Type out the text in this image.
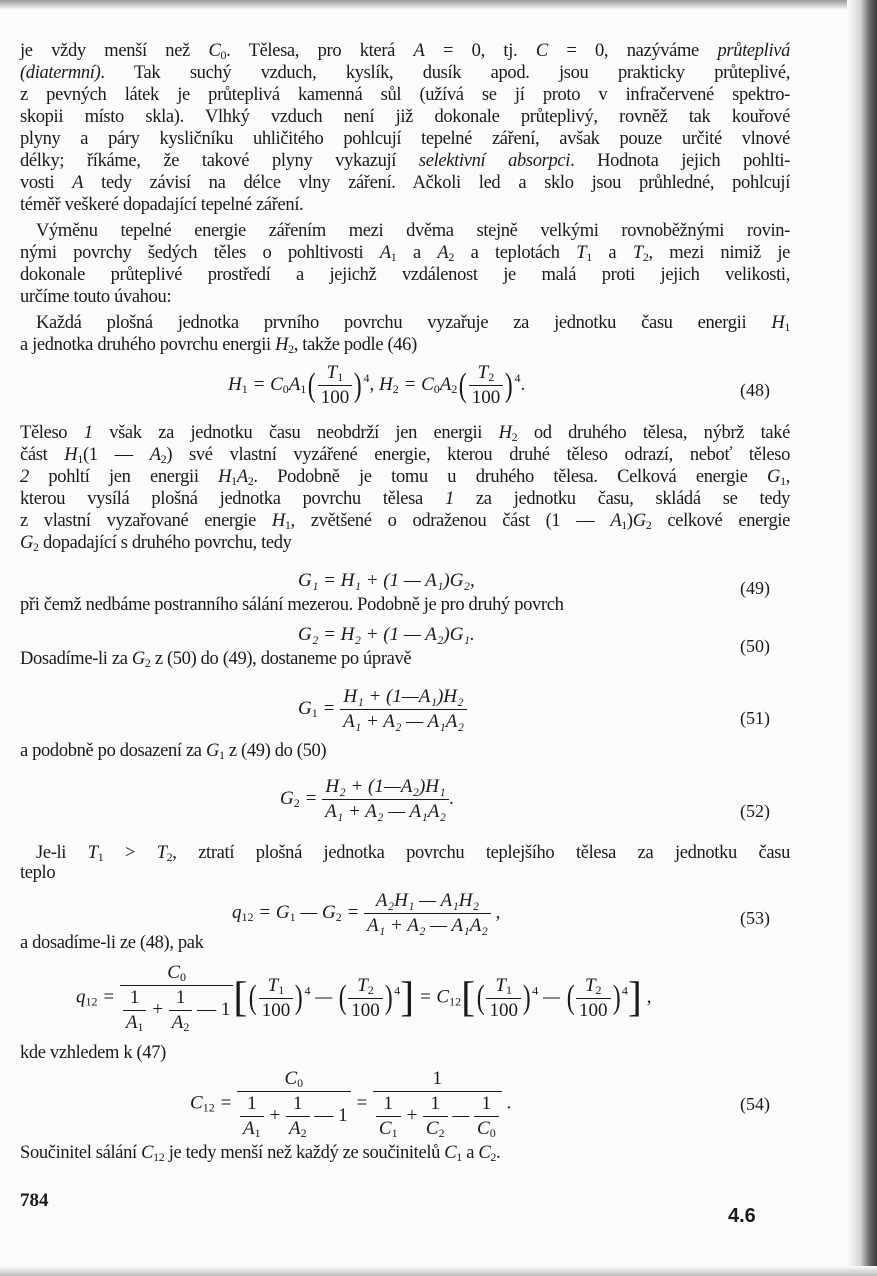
je vždy menší než $C_0$. Tělesa, pro která A = 0, tj. C = 0, nazýváme průteplivá
(diatermní). Tak suchý vzduch, kyslík, dusík apod. jsou prakticky průteplivé,
z pevných látek je průteplivá kamenná sůl (užívá se jí proto v infračervené spektro-
skopii místo skla). Vlhký vzduch není již dokonale průteplivý, rovněž tak kouřové
plyny a páry kysličníku uhličitého pohlcují tepelné záření, avšak pouze určité vlnové
délky; říkáme, že takové plyny vykazují selektivní absorpci. Hodnota jejich pohlti-
vosti A tedy závisí na délce vlny záření. Ačkoli led a sklo jsou průhledné, pohlcují
téměř veškeré dopadající tepelné záření.
Výměnu tepelné energie zářením mezi dvěma stejně velkými rovnoběžnými rovin-
nými povrchy šedých těles o pohltivosti $A_1$ a $A_2$ a teplotách $T_1$ a $T_2$, mezi nimiž je
dokonale průteplivé prostředí a jejichž vzdálenost je malá proti jejich velikosti,
určíme touto úvahou:
Každá plošná jednotka prvního povrchu vyzařuje za jednotku času energii $H_1$
a jednotka druhého povrchu energii $H_2$, takže podle (46)
$H_1 = C_0A_1( \frac{T_1}{100}$ ) $^4$, $H_2 = C_0A_2( \frac{T_2}{100}$ ) $^4$.	(48)
Těleso 1 však za jednotku času neobdrží jen energii $H_2$ od druhého tělesa, nýbrž také
část $H_1(1$ — $A_2$) své vlastní vyzářené energie, kterou druhé těleso odrazí, neboť těleso
2 pohltí jen energii $H_1A_2$. Podobně je tomu u druhého tělesa. Celková energie $G_1$,
kterou vysílá plošná jednotka povrchu tělesa 1 za jednotku času, skládá se tedy
z vlastní vyzařované energie $H_1$, zvětšené o odraženou část (1 — $A_1)G_2$ celkové energie
$G_2$ dopadající s druhého povrchu, tedy
G₁ = H₁ + (1 — A₁)G₂,	(49)
při čemž nedbáme postranního sálání mezerou. Podobně je pro druhý povrch
G₂ = H₂ + (1 — A₂)G₁.
(50)
Dosadíme-li za $G_2$ z (50) do (49), dostaneme po úpravě
$G_1 = \frac{\text{H₁ + (1—A₁)H₂}}{\text{A₁ + A₂ — A₁A₂}}$	(51)
a podobně po dosazení za $G_1$ z (49) do (50)
$G_2 = \frac{\text{H₂ + (1—A₂)H₁}}{\text{A₁ + A₂ — A₁A₂}}$ .
(52)
Je-li $T_1 > T_2$, ztratí plošná jednotka povrchu teplejšího tělesa za jednotku času
teplo
$q_{12} = G_1$ — $G_2 = \frac{\text{A₂H₁ — A₁H₂}}{\text{A₁ + A₂ — A₁A₂}}$ ,	(53)
a dosadíme-li ze (48), pak
$q_{12} = \frac{C_0}{\frac{1}{A_1} + \frac{1}{A_2} — 1}$ [( $\frac{T_1}{100}$ ) $^4$ — ( $\frac{T_2}{100}$ ) $^4] = C_{12}[( \frac{T_1}{100}$ ) $^4$ — ( $\frac{T_2}{100}$ ) $^4$] ,
kde vzhledem k (47)
$C_{12} = \frac{C_0}{\frac{1}{A_1} + \frac{1}{A_2} — 1} = \frac{1}{\frac{1}{C_1} + \frac{1}{C_2} — \frac{1}{C_0}}$ .	(54)
Součinitel sálání $C_{12}$ je tedy menší než každý ze součinitelů $C_1$ a $C_2$.
784
4.6
